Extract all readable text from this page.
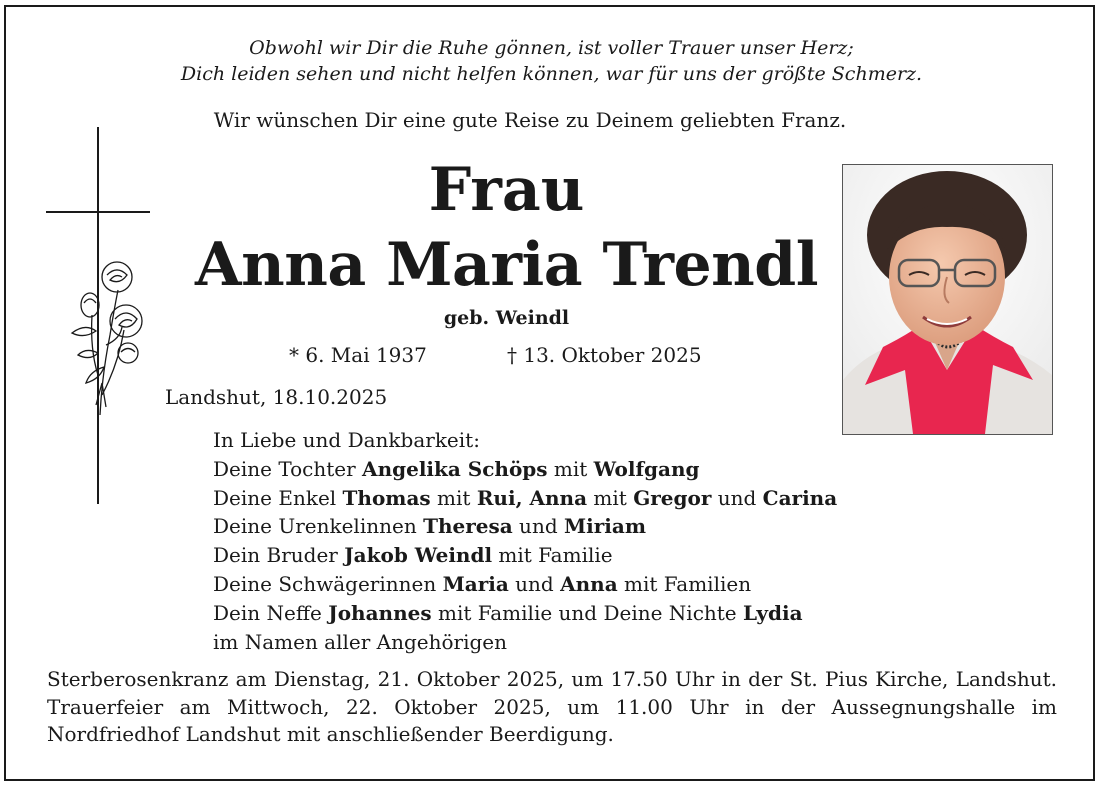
Obwohl wir Dir die Ruhe gönnen, ist voller Trauer unser Herz;
Dich leiden sehen und nicht helfen können, war für uns der größte Schmerz.
Wir wünschen Dir eine gute Reise zu Deinem geliebten Franz.
Frau
Anna Maria Trendl
geb. Weindl
* 6. Mai 1937	† 13. Oktober 2025
Landshut, 18.10.2025
In Liebe und Dankbarkeit:
Deine Tochter Angelika Schöps mit Wolfgang
Deine Enkel Thomas mit Rui, Anna mit Gregor und Carina
Deine Urenkelinnen Theresa und Miriam
Dein Bruder Jakob Weindl mit Familie
Deine Schwägerinnen Maria und Anna mit Familien
Dein Neffe Johannes mit Familie und Deine Nichte Lydia
im Namen aller Angehörigen
Sterberosenkranz am Dienstag, 21. Oktober 2025, um 17.50 Uhr in der St. Pius Kirche, Landshut. Trauerfeier am Mittwoch, 22. Oktober 2025, um 11.00 Uhr in der Aussegnungshalle im Nordfriedhof Landshut mit anschließender Beerdigung.
